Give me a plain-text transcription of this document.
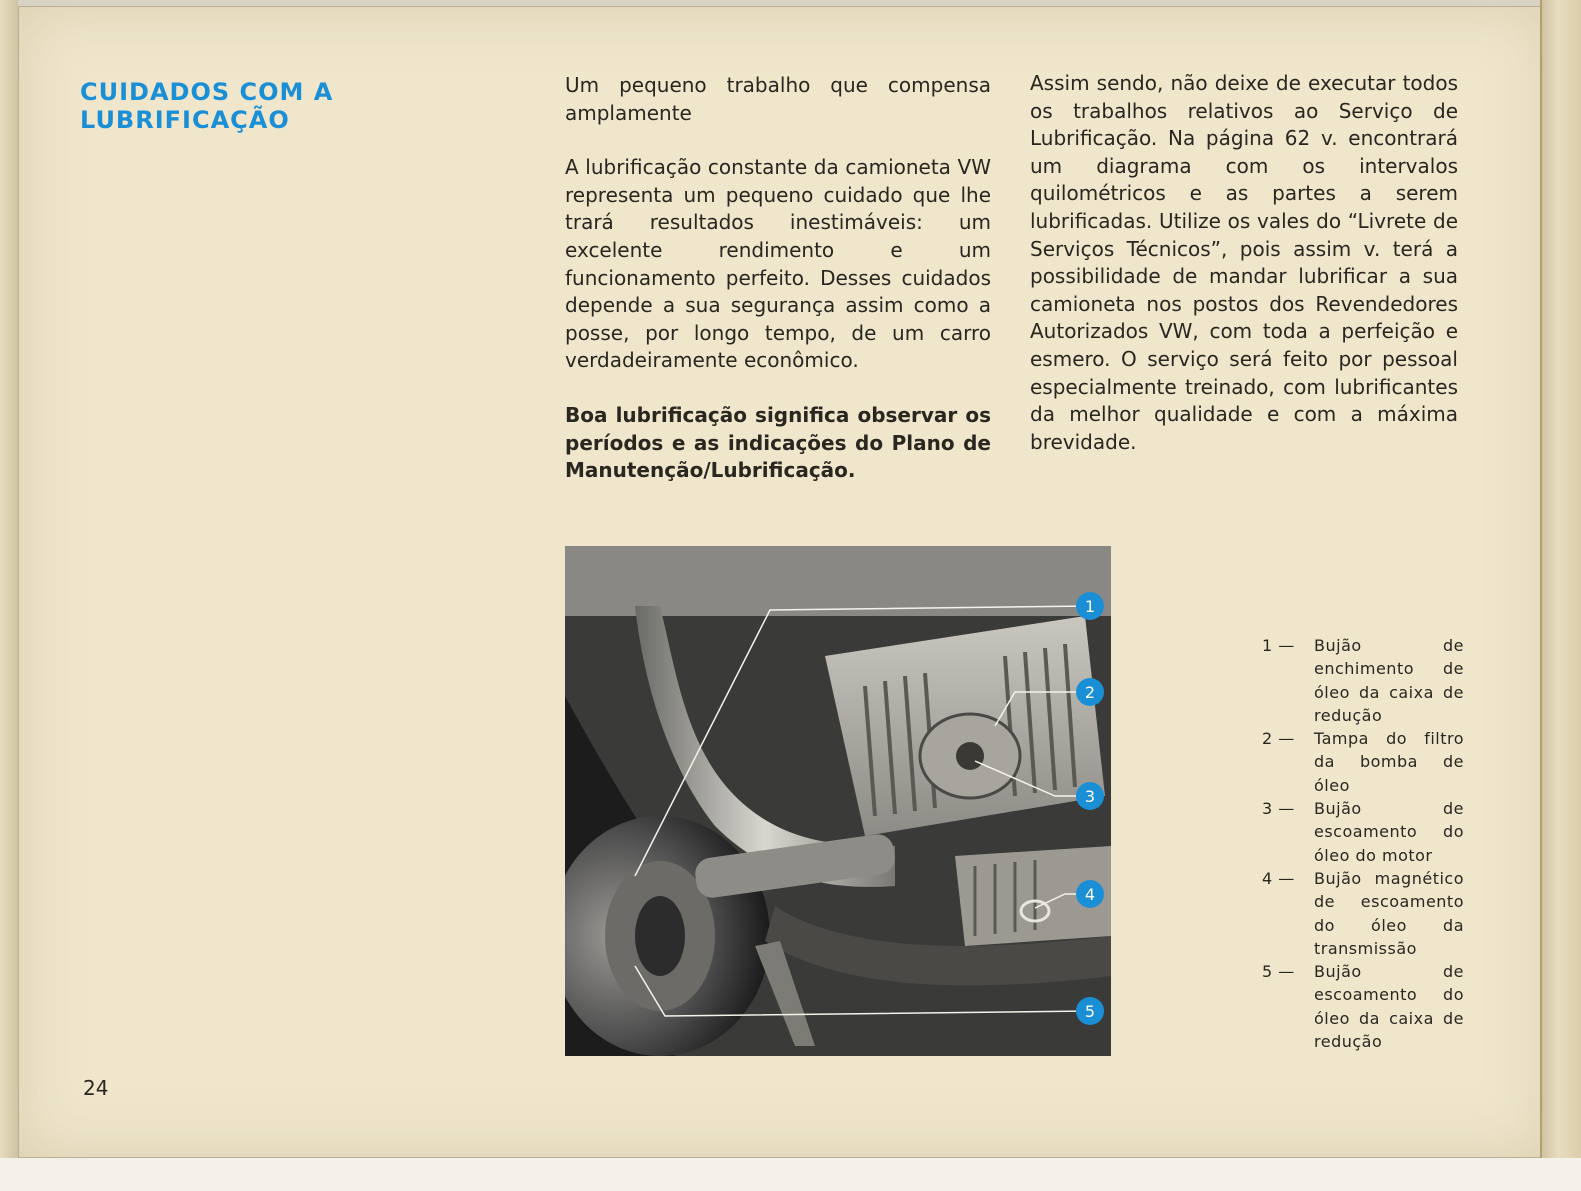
CUIDADOS COM A LUBRIFICAÇÃO

Um pequeno trabalho que compensa amplamente

A lubrificação constante da camioneta VW representa um pequeno cuidado que lhe trará resultados inestimáveis: um excelente rendimento e um funcionamento perfeito. Desses cuidados depende a sua segurança assim como a posse, por longo tempo, de um carro verdadeiramente econômico.

Boa lubrificação significa observar os períodos e as indicações do Plano de Manutenção/Lubrificação.

Assim sendo, não deixe de executar todos os trabalhos relativos ao Serviço de Lubrificação. Na página 62 v. encontrará um diagrama com os intervalos quilométricos e as partes a serem lubrificadas. Utilize os vales do “Livrete de Serviços Técnicos”, pois assim v. terá a possibilidade de mandar lubrificar a sua camioneta nos postos dos Revendedores Autorizados VW, com toda a perfeição e esmero. O serviço será feito por pessoal especialmente treinado, com lubrificantes da melhor qualidade e com a máxima brevidade.

1
2
3
4
5
1 —	Bujão de enchimento de óleo da caixa de redução
2 —	Tampa do filtro da bomba de óleo
3 —	Bujão de escoamento do óleo do motor
4 —	Bujão magnético de escoamento do óleo da transmissão
5 —	Bujão de escoamento do óleo da caixa de redução
24
